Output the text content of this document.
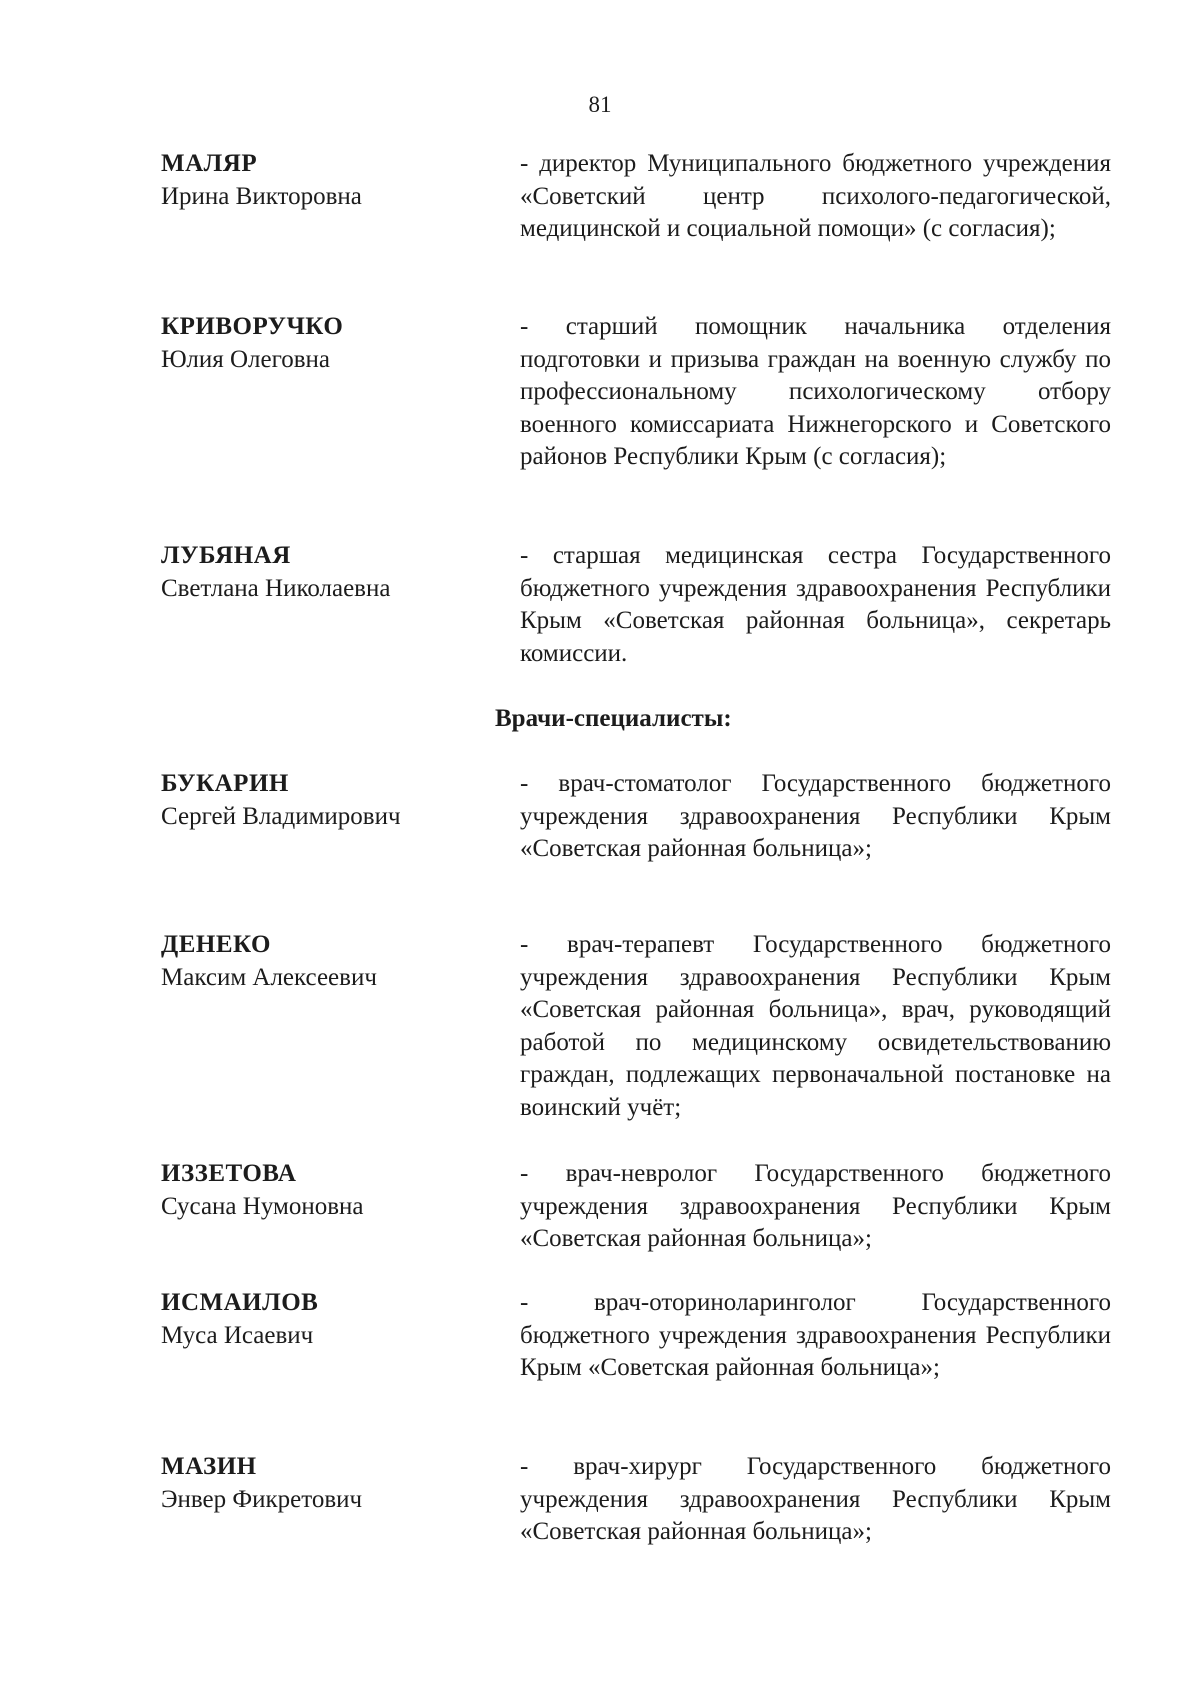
81
МАЛЯР
Ирина Викторовна

- директор Муниципального бюджетного учреждения «Советский центр психолого-педагогической, медицинской и социальной помощи» (с согласия);

КРИВОРУЧКО
Юлия Олеговна

- старший помощник начальника отделения подготовки и призыва граждан на военную службу по профессиональному психологическому отбору военного комиссариата Нижнегорского и Советского районов Республики Крым (с согласия);

ЛУБЯНАЯ
Светлана Николаевна

- старшая медицинская сестра Государственного бюджетного учреждения здравоохранения Республики Крым «Советская районная больница», секретарь комиссии.

Врачи-специалисты:
БУКАРИН
Сергей Владимирович

- врач-стоматолог Государственного бюджетного учреждения здравоохранения Республики Крым «Советская районная больница»;

ДЕНЕКО
Максим Алексеевич

- врач-терапевт Государственного бюджетного учреждения здравоохранения Республики Крым «Советская районная больница», врач, руководящий работой по медицинскому освидетельствованию граждан, подлежащих первоначальной постановке на воинский учёт;

ИЗЗЕТОВА
Сусана Нумоновна

- врач-невролог Государственного бюджетного учреждения здравоохранения Республики Крым «Советская районная больница»;

ИСМАИЛОВ
Муса Исаевич

- врач-оториноларинголог Государственного бюджетного учреждения здравоохранения Республики Крым «Советская районная больница»;

МАЗИН
Энвер Фикретович

- врач-хирург Государственного бюджетного учреждения здравоохранения Республики Крым «Советская районная больница»;
